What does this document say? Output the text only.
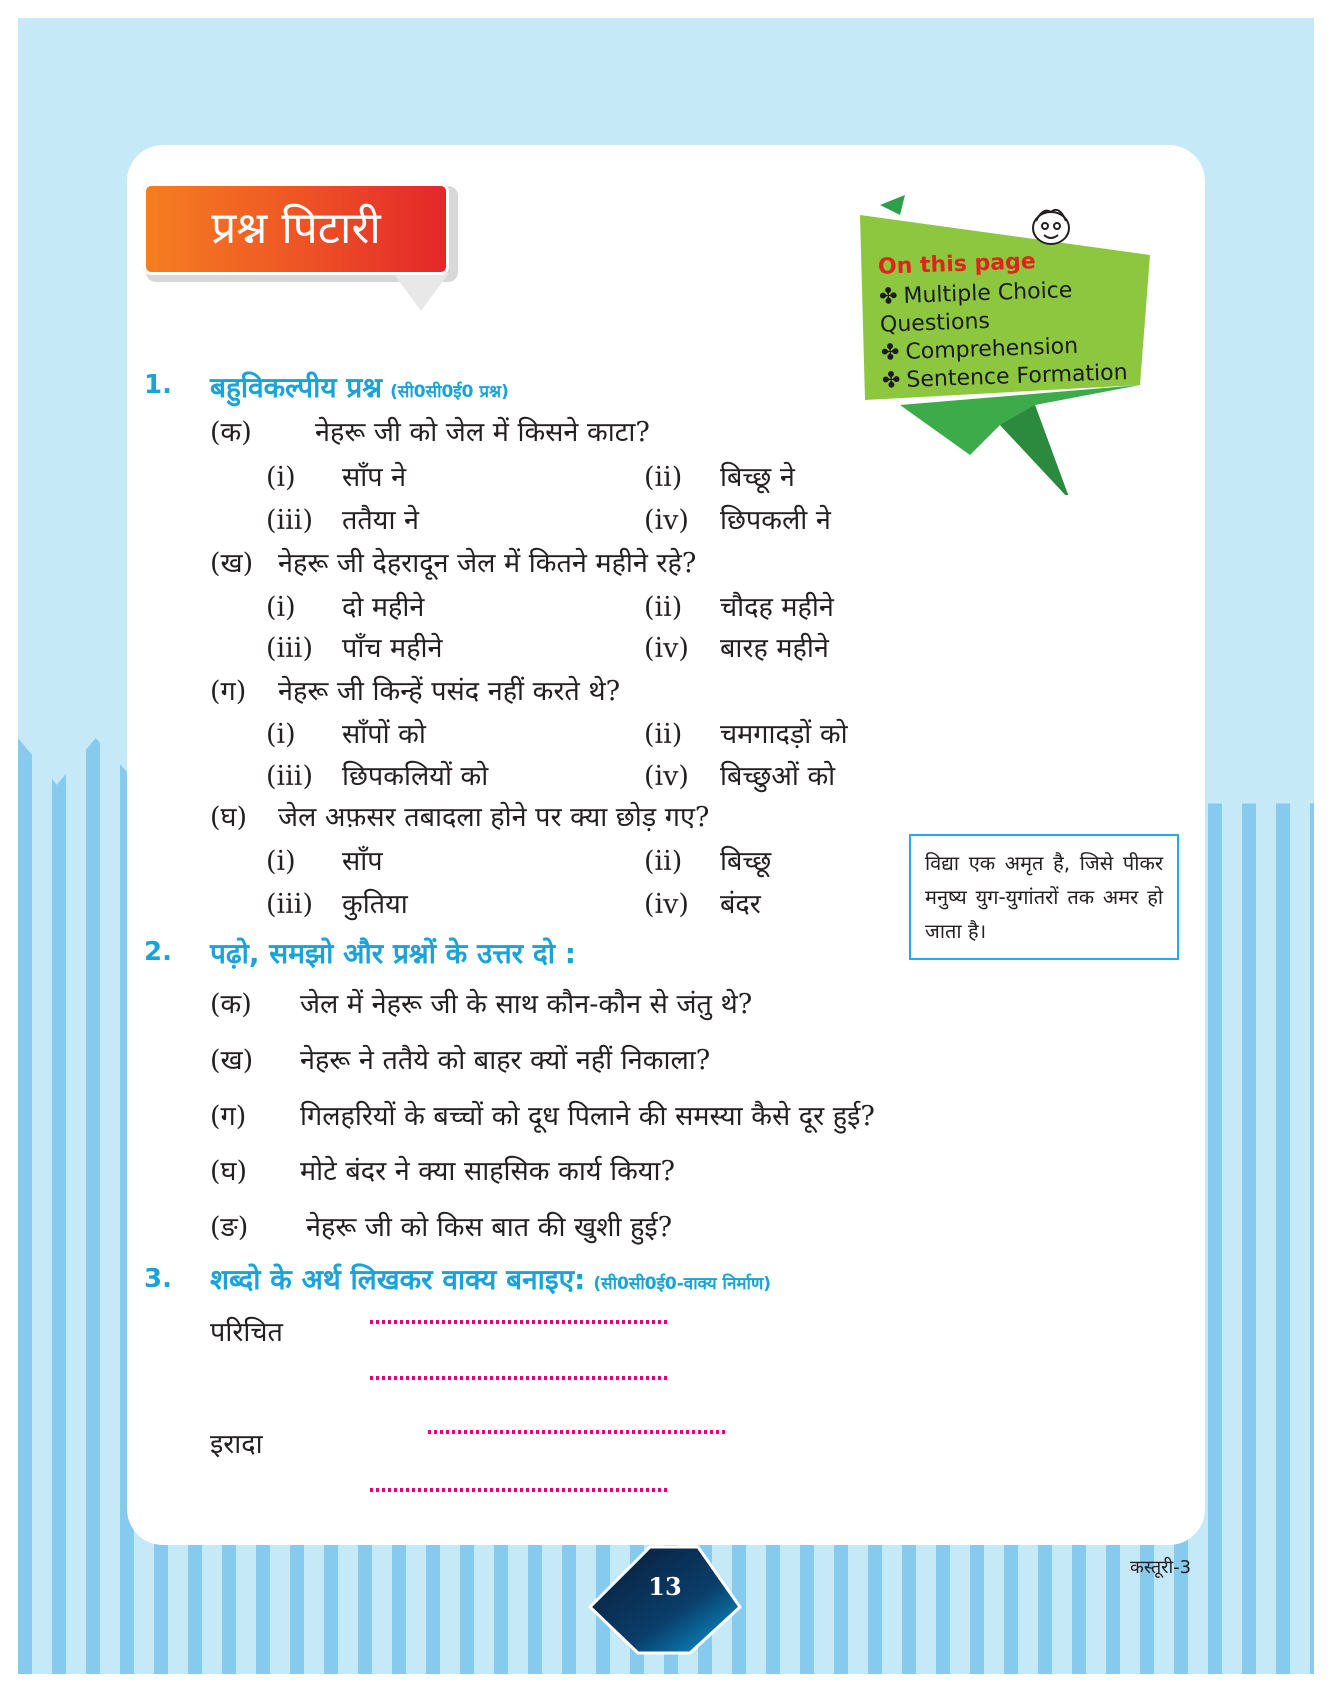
प्रश्न पिटारी
On this page
✤ Multiple Choice Questions
✤ Comprehension
✤ Sentence Formation
1. बहुविकल्पीय प्रश्न (सी0सी0ई0 प्रश्न)
(क) नेहरू जी को जेल में किसने काटा?
(i) साँप ने	(ii) बिच्छू ने
(iii) ततैया ने	(iv) छिपकली ने
(ख) नेहरू जी देहरादून जेल में कितने महीने रहे?
(i) दो महीने	(ii) चौदह महीने
(iii) पाँच महीने	(iv) बारह महीने
(ग) नेहरू जी किन्हें पसंद नहीं करते थे?
(i) साँपों को	(ii) चमगादड़ों को
(iii) छिपकलियों को	(iv) बिच्छुओं को
(घ) जेल अफ़सर तबादला होने पर क्या छोड़ गए?
(i) साँप	(ii) बिच्छू
(iii) कुतिया	(iv) बंदर
विद्या एक अमृत है, जिसे पीकर मनुष्य युग-युगांतरों तक अमर हो जाता है।
2. पढ़ो, समझो और प्रश्नों के उत्तर दो :
(क) जेल में नेहरू जी के साथ कौन-कौन से जंतु थे?
(ख) नेहरू ने ततैये को बाहर क्यों नहीं निकाला?
(ग) गिलहरियों के बच्चों को दूध पिलाने की समस्या कैसे दूर हुई?
(घ) मोटे बंदर ने क्या साहसिक कार्य किया?
(ङ) नेहरू जी को किस बात की खुशी हुई?
3. शब्दो के अर्थ लिखकर वाक्य बनाइए: (सी0सी0ई0-वाक्य निर्माण)
परिचित
इरादा
13
कस्तूरी-3
